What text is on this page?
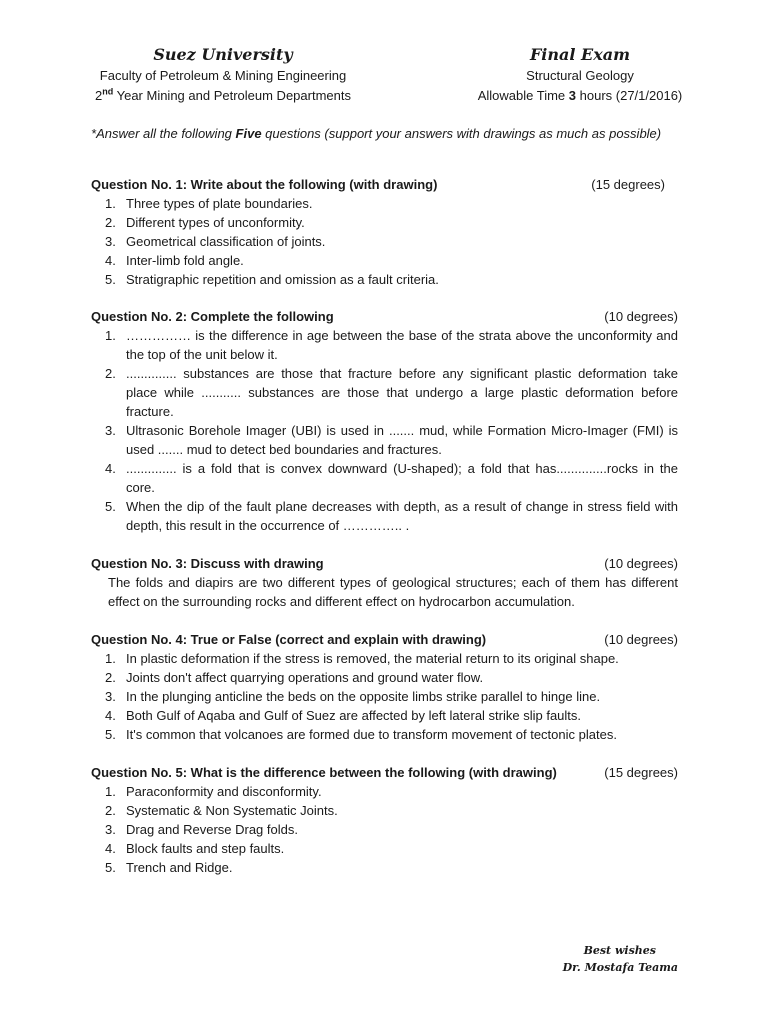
Suez University
Faculty of Petroleum & Mining Engineering
2nd Year Mining and Petroleum Departments
Final Exam
Structural Geology
Allowable Time 3 hours (27/1/2016)
*Answer all the following Five questions (support your answers with drawings as much as possible)
Question No. 1: Write about the following (with drawing)	(15 degrees)
1. Three types of plate boundaries.
2. Different types of unconformity.
3. Geometrical classification of joints.
4. Inter-limb fold angle.
5. Stratigraphic repetition and omission as a fault criteria.
Question No. 2: Complete the following	(10 degrees)
1. …………… is the difference in age between the base of the strata above the unconformity and the top of the unit below it.
2. .............. substances are those that fracture before any significant plastic deformation take place while ........... substances are those that undergo a large plastic deformation before fracture.
3. Ultrasonic Borehole Imager (UBI) is used in ....... mud, while Formation Micro-Imager (FMI) is used ....... mud to detect bed boundaries and fractures.
4. .............. is a fold that is convex downward (U-shaped); a fold that has..............rocks in the core.
5. When the dip of the fault plane decreases with depth, as a result of change in stress field with depth, this result in the occurrence of ………….. .
Question No. 3: Discuss with drawing	(10 degrees)
The folds and diapirs are two different types of geological structures; each of them has different effect on the surrounding rocks and different effect on hydrocarbon accumulation.
Question No. 4: True or False (correct and explain with drawing)	(10 degrees)
1. In plastic deformation if the stress is removed, the material return to its original shape.
2. Joints don't affect quarrying operations and ground water flow.
3. In the plunging anticline the beds on the opposite limbs strike parallel to hinge line.
4. Both Gulf of Aqaba and Gulf of Suez are affected by left lateral strike slip faults.
5. It's common that volcanoes are formed due to transform movement of tectonic plates.
Question No. 5: What is the difference between the following (with drawing)	(15 degrees)
1. Paraconformity and disconformity.
2. Systematic & Non Systematic Joints.
3. Drag and Reverse Drag folds.
4. Block faults and step faults.
5. Trench and Ridge.
Best wishes
Dr. Mostafa Teama
